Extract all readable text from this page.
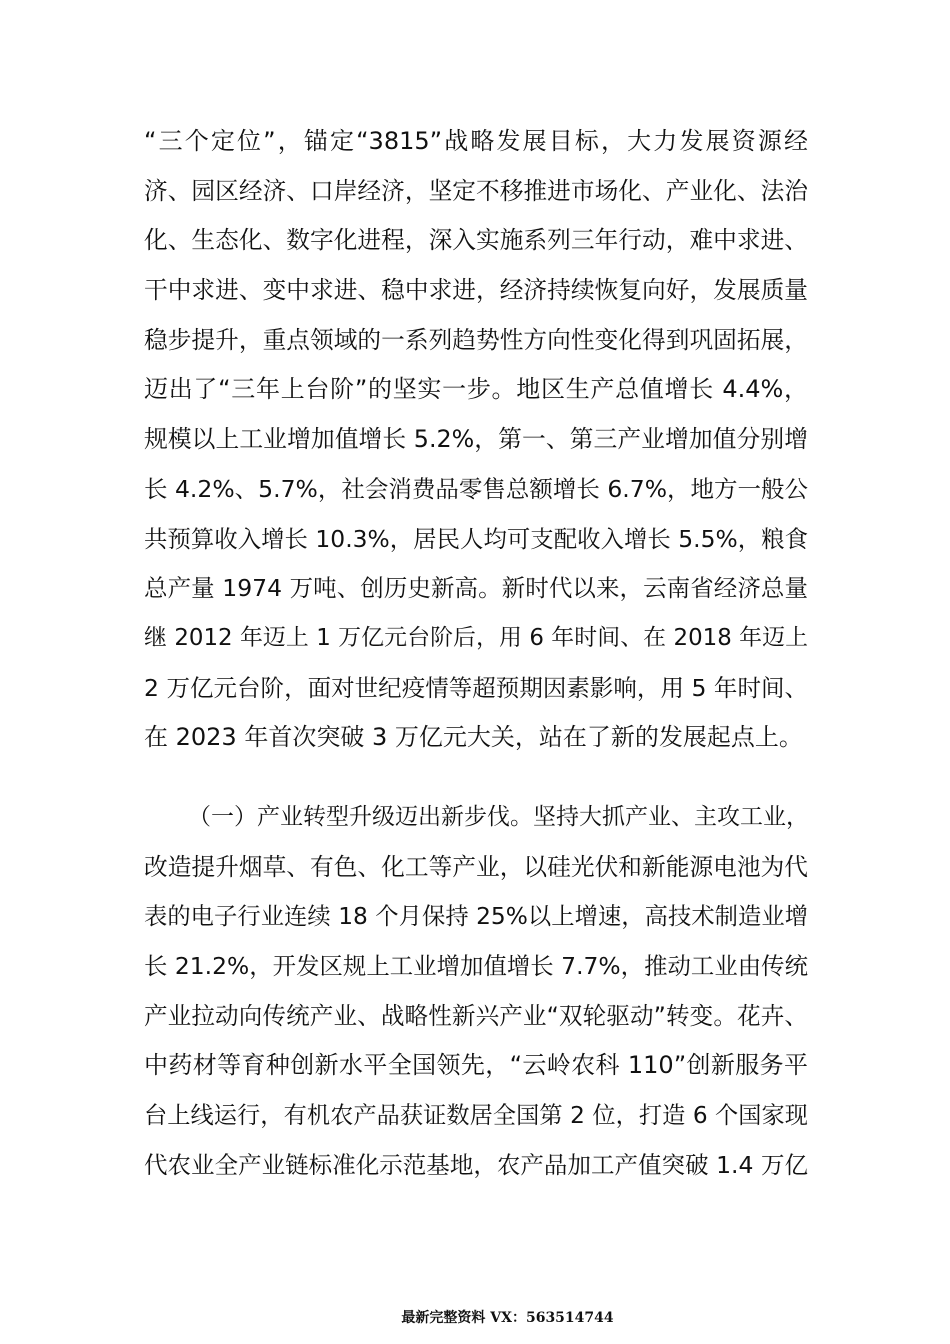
“三个定位”，锚定“3815”战略发展目标，大力发展资源经
济、园区经济、口岸经济，坚定不移推进市场化、产业化、法治
化、生态化、数字化进程，深入实施系列三年行动，难中求进、
干中求进、变中求进、稳中求进，经济持续恢复向好，发展质量
稳步提升，重点领域的一系列趋势性方向性变化得到巩固拓展，
迈出了“三年上台阶”的坚实一步。地区生产总值增长 4.4%，
规模以上工业增加值增长 5.2%，第一、第三产业增加值分别增
长 4.2%、5.7%，社会消费品零售总额增长 6.7%，地方一般公
共预算收入增长 10.3%，居民人均可支配收入增长 5.5%，粮食
总产量 1974 万吨、创历史新高。新时代以来，云南省经济总量
继 2012 年迈上 1 万亿元台阶后，用 6 年时间、在 2018 年迈上
2 万亿元台阶，面对世纪疫情等超预期因素影响，用 5 年时间、
在 2023 年首次突破 3 万亿元大关，站在了新的发展起点上。
（一）产业转型升级迈出新步伐。坚持大抓产业、主攻工业，
改造提升烟草、有色、化工等产业，以硅光伏和新能源电池为代
表的电子行业连续 18 个月保持 25%以上增速，高技术制造业增
长 21.2%，开发区规上工业增加值增长 7.7%，推动工业由传统
产业拉动向传统产业、战略性新兴产业“双轮驱动”转变。花卉、
中药材等育种创新水平全国领先，“云岭农科 110”创新服务平
台上线运行，有机农产品获证数居全国第 2 位，打造 6 个国家现
代农业全产业链标准化示范基地，农产品加工产值突破 1.4 万亿
最新完整资料 VX：563514744
